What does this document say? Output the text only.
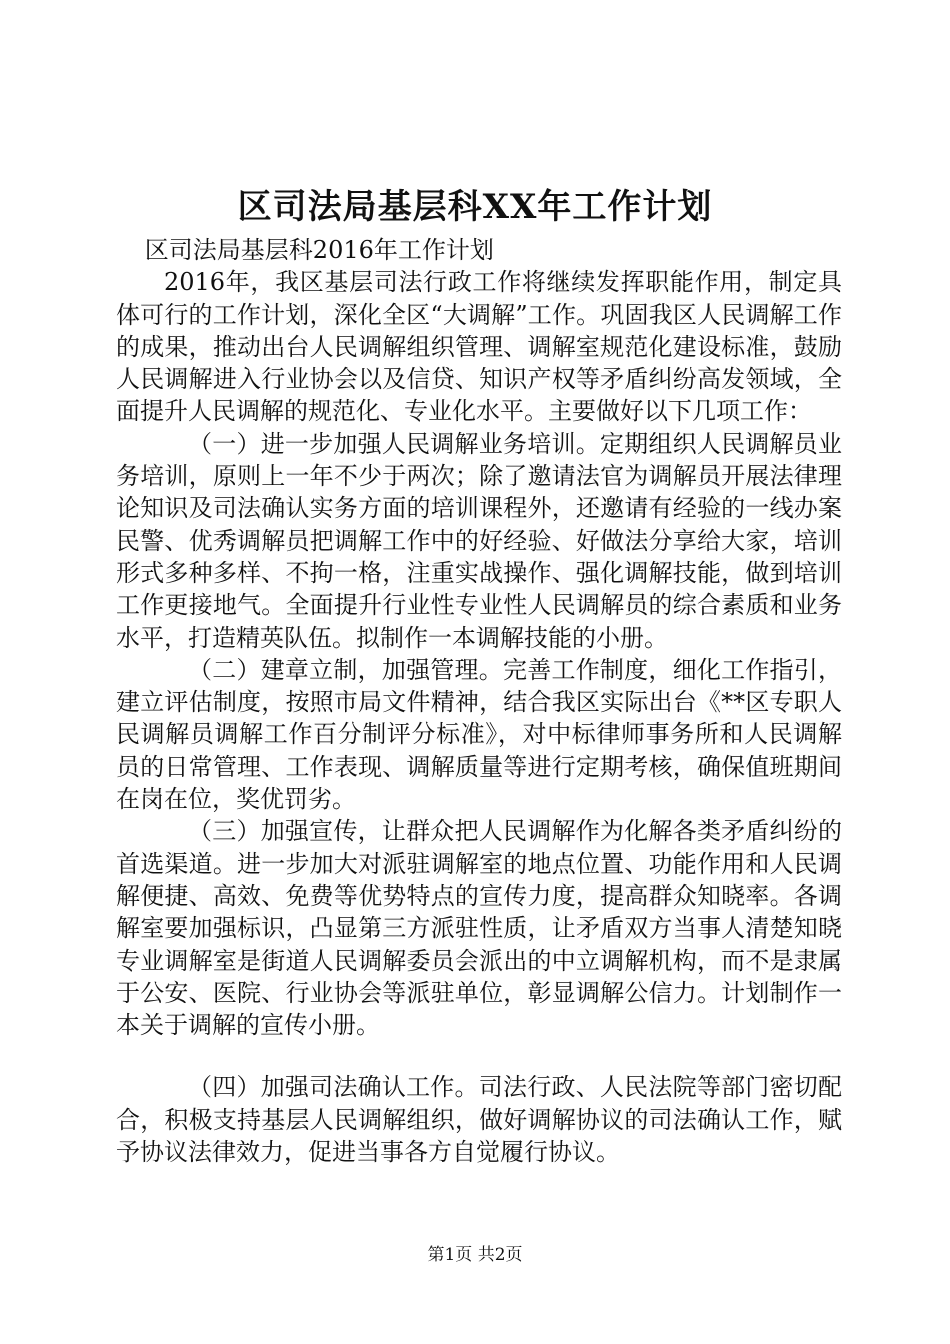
区司法局基层科XX年工作计划

区司法局基层科2016年工作计划

2016年，我区基层司法行政工作将继续发挥职能作用，制定具体可行的工作计划，深化全区“大调解”工作。巩固我区人民调解工作的成果，推动出台人民调解组织管理、调解室规范化建设标准，鼓励人民调解进入行业协会以及信贷、知识产权等矛盾纠纷高发领域，全面提升人民调解的规范化、专业化水平。主要做好以下几项工作：

（一）进一步加强人民调解业务培训。定期组织人民调解员业务培训，原则上一年不少于两次；除了邀请法官为调解员开展法律理论知识及司法确认实务方面的培训课程外，还邀请有经验的一线办案民警、优秀调解员把调解工作中的好经验、好做法分享给大家，培训形式多种多样、不拘一格，注重实战操作、强化调解技能，做到培训工作更接地气。全面提升行业性专业性人民调解员的综合素质和业务水平，打造精英队伍。拟制作一本调解技能的小册。

（二）建章立制，加强管理。完善工作制度，细化工作指引，建立评估制度，按照市局文件精神，结合我区实际出台《**区专职人民调解员调解工作百分制评分标准》，对中标律师事务所和人民调解员的日常管理、工作表现、调解质量等进行定期考核，确保值班期间在岗在位，奖优罚劣。

（三）加强宣传，让群众把人民调解作为化解各类矛盾纠纷的首选渠道。进一步加大对派驻调解室的地点位置、功能作用和人民调解便捷、高效、免费等优势特点的宣传力度，提高群众知晓率。各调解室要加强标识，凸显第三方派驻性质，让矛盾双方当事人清楚知晓专业调解室是街道人民调解委员会派出的中立调解机构，而不是隶属于公安、医院、行业协会等派驻单位，彰显调解公信力。计划制作一本关于调解的宣传小册。

（四）加强司法确认工作。司法行政、人民法院等部门密切配合，积极支持基层人民调解组织，做好调解协议的司法确认工作，赋予协议法律效力，促进当事各方自觉履行协议。

第1页 共2页
